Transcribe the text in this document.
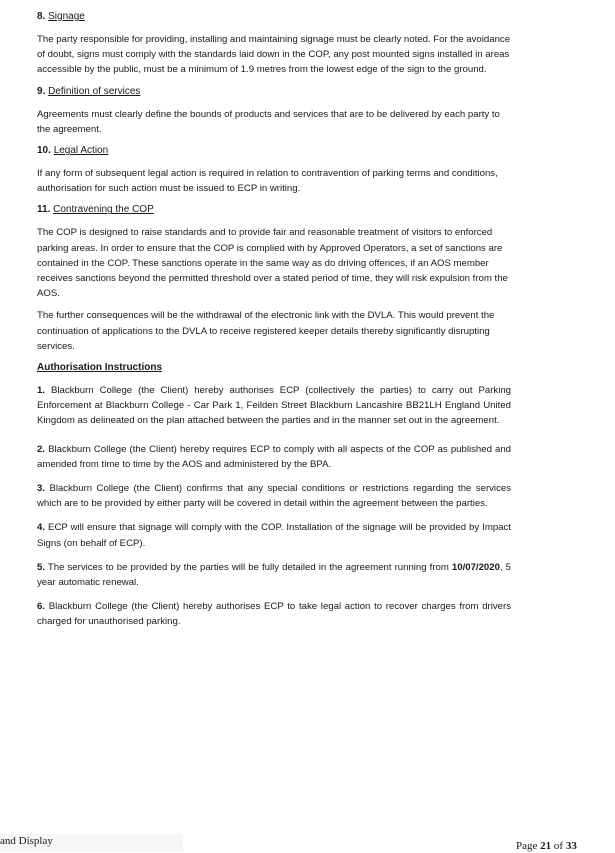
8. Signage

The party responsible for providing, installing and maintaining signage must be clearly noted. For the avoidance of doubt, signs must comply with the standards laid down in the COP, any post mounted signs installed in areas accessible by the public, must be a minimum of 1.9 metres from the lowest edge of the sign to the ground.

9. Definition of services

Agreements must clearly define the bounds of products and services that are to be delivered by each party to the agreement.

10. Legal Action

If any form of subsequent legal action is required in relation to contravention of parking terms and conditions, authorisation for such action must be issued to ECP in writing.

11. Contravening the COP

The COP is designed to raise standards and to provide fair and reasonable treatment of visitors to enforced parking areas. In order to ensure that the COP is complied with by Approved Operators, a set of sanctions are contained in the COP. These sanctions operate in the same way as do driving offences, if an AOS member receives sanctions beyond the permitted threshold over a stated period of time, they will risk expulsion from the AOS.

The further consequences will be the withdrawal of the electronic link with the DVLA. This would prevent the continuation of applications to the DVLA to receive registered keeper details thereby significantly disrupting services.

Authorisation Instructions

1. Blackburn College (the Client) hereby authorises ECP (collectively the parties) to carry out Parking Enforcement at Blackburn College - Car Park 1, Feilden Street Blackburn Lancashire BB21LH England United Kingdom as delineated on the plan attached between the parties and in the manner set out in the agreement.

2. Blackburn College (the Client) hereby requires ECP to comply with all aspects of the COP as published and amended from time to time by the AOS and administered by the BPA.

3. Blackburn College (the Client) confirms that any special conditions or restrictions regarding the services which are to be provided by either party will be covered in detail within the agreement between the parties.

4. ECP will ensure that signage will comply with the COP. Installation of the signage will be provided by Impact Signs (on behalf of ECP).

5. The services to be provided by the parties will be fully detailed in the agreement running from 10/07/2020, 5 year automatic renewal.

6. Blackburn College (the Client) hereby authorises ECP to take legal action to recover charges from drivers charged for unauthorised parking.

and Display	Page 21 of 33
